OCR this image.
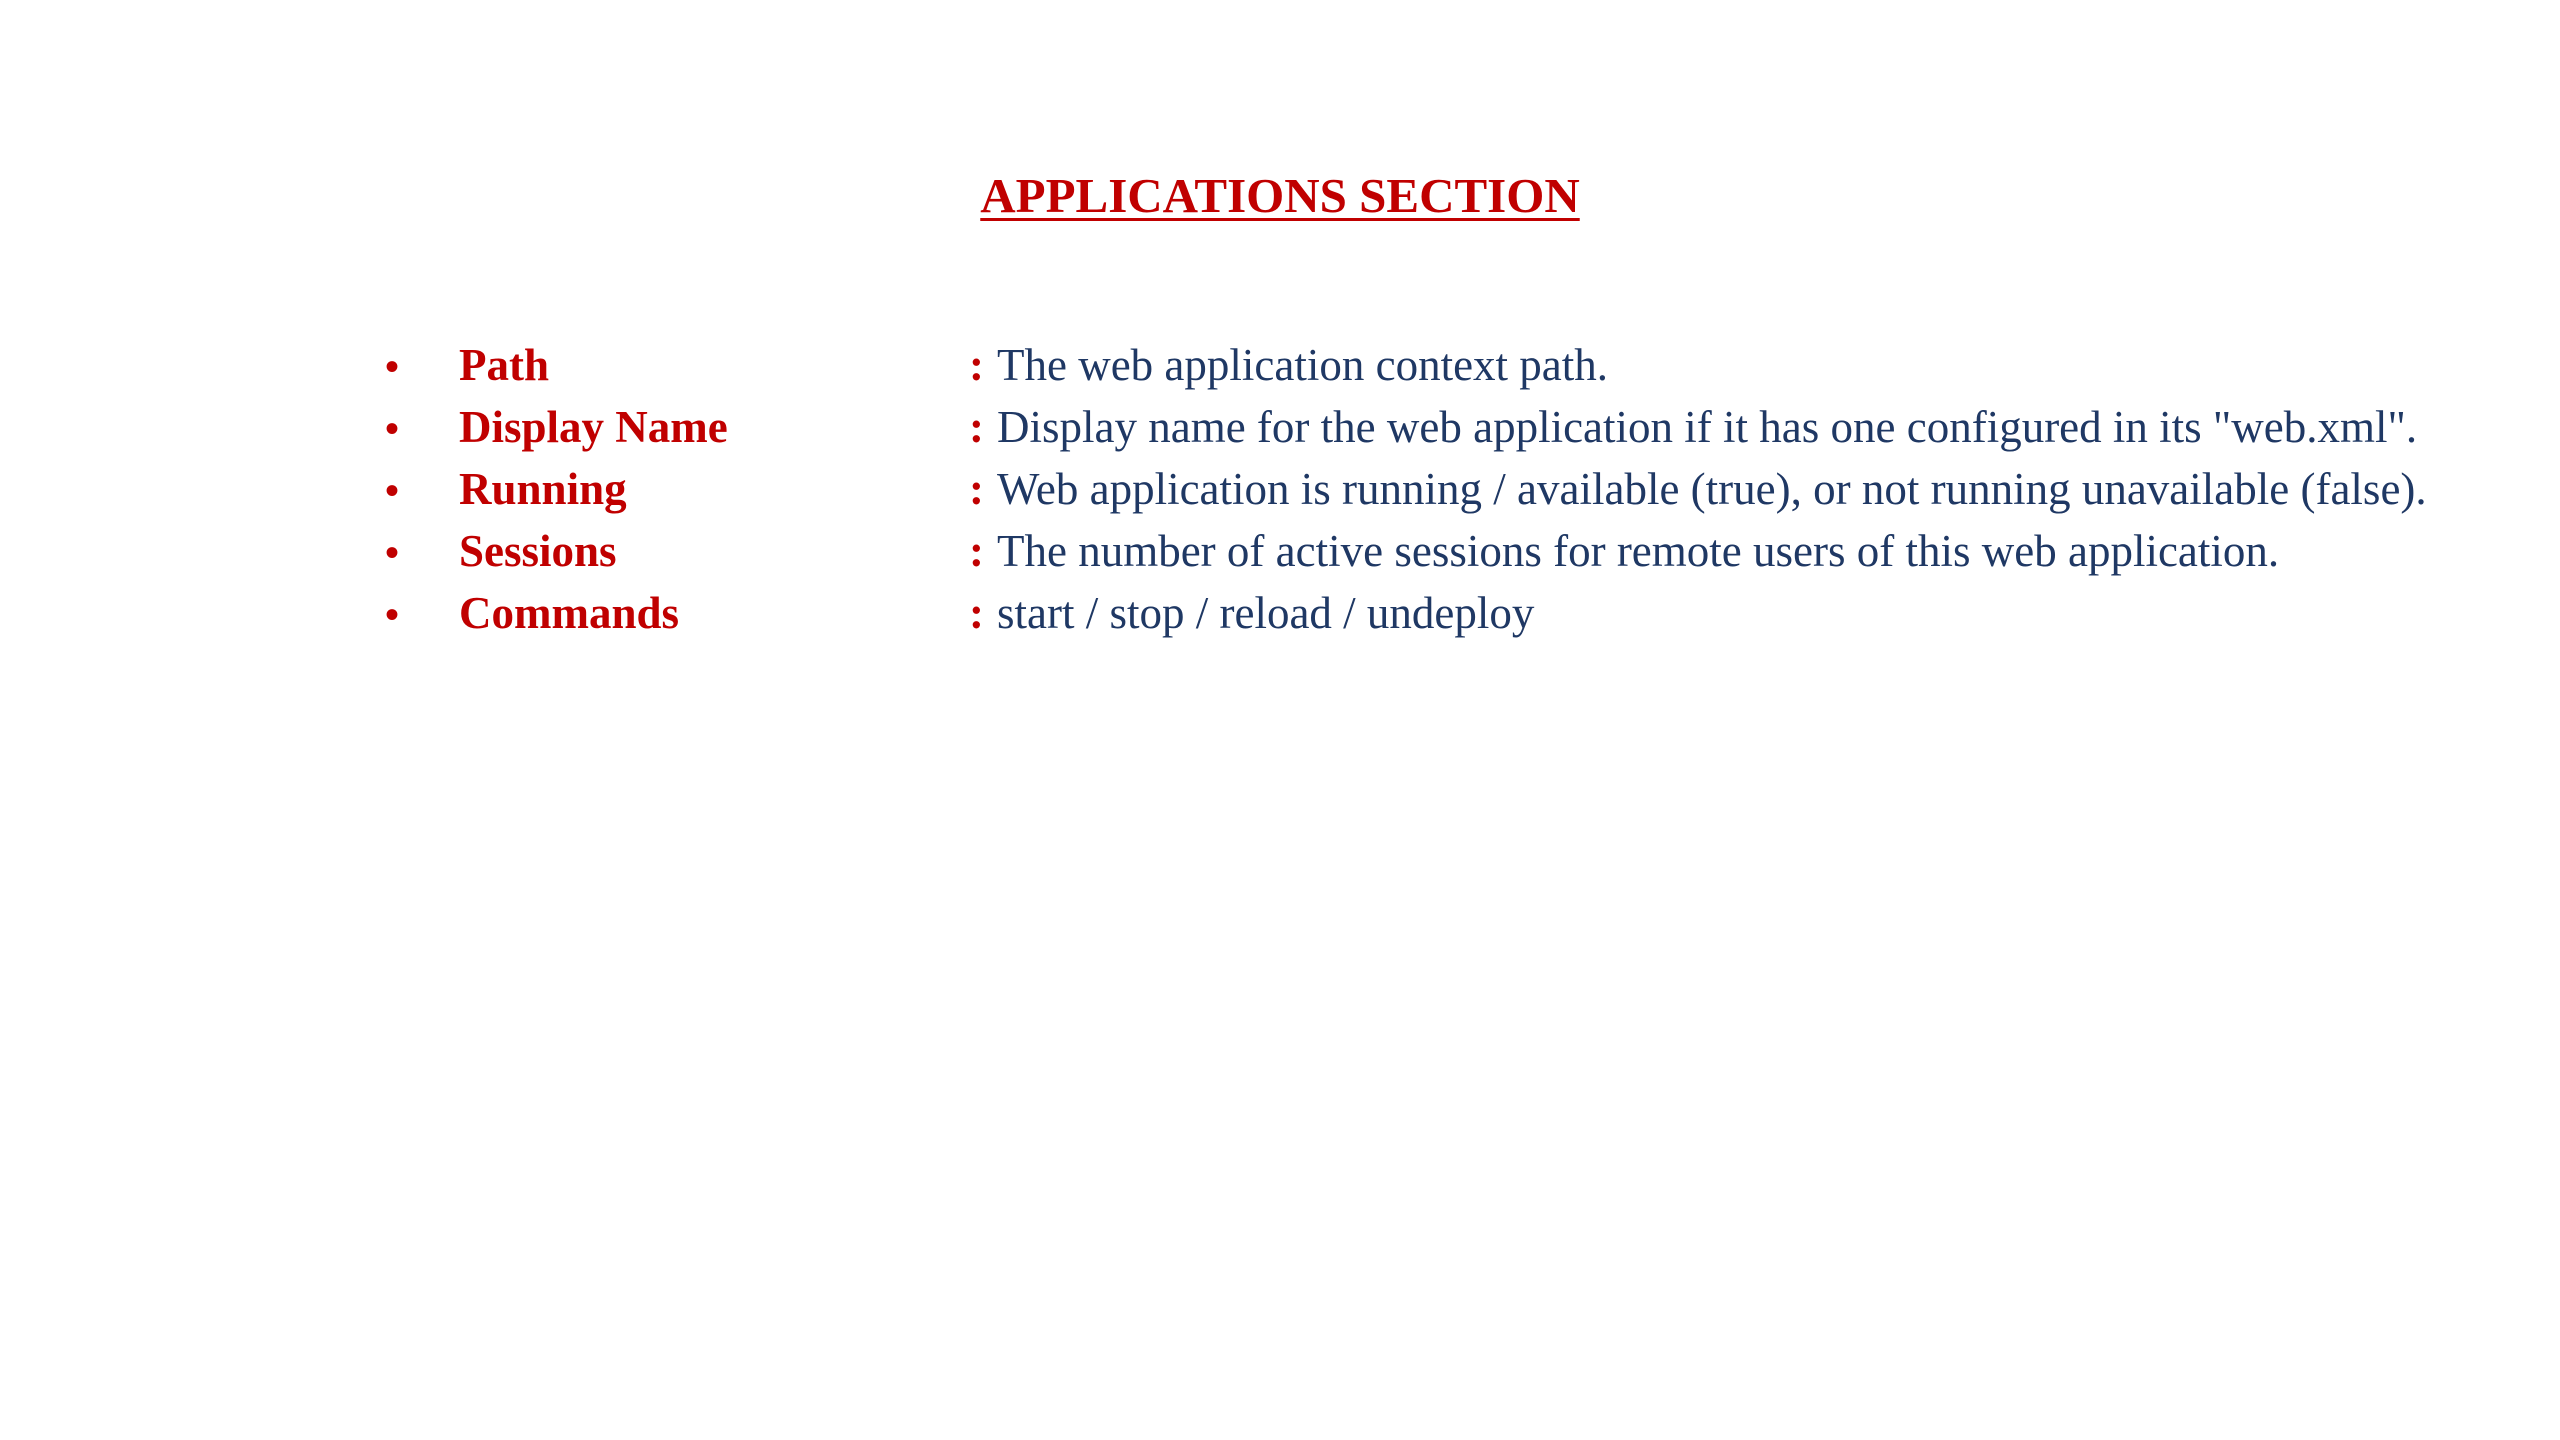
APPLICATIONS SECTION
•	Path	: The web application context path.
•	Display Name	: Display name for the web application if it has one configured in its "web.xml".
•	Running	: Web application is running / available (true), or not running unavailable (false).
•	Sessions	: The number of active sessions for remote users of this web application.
•	Commands	: start / stop / reload / undeploy
